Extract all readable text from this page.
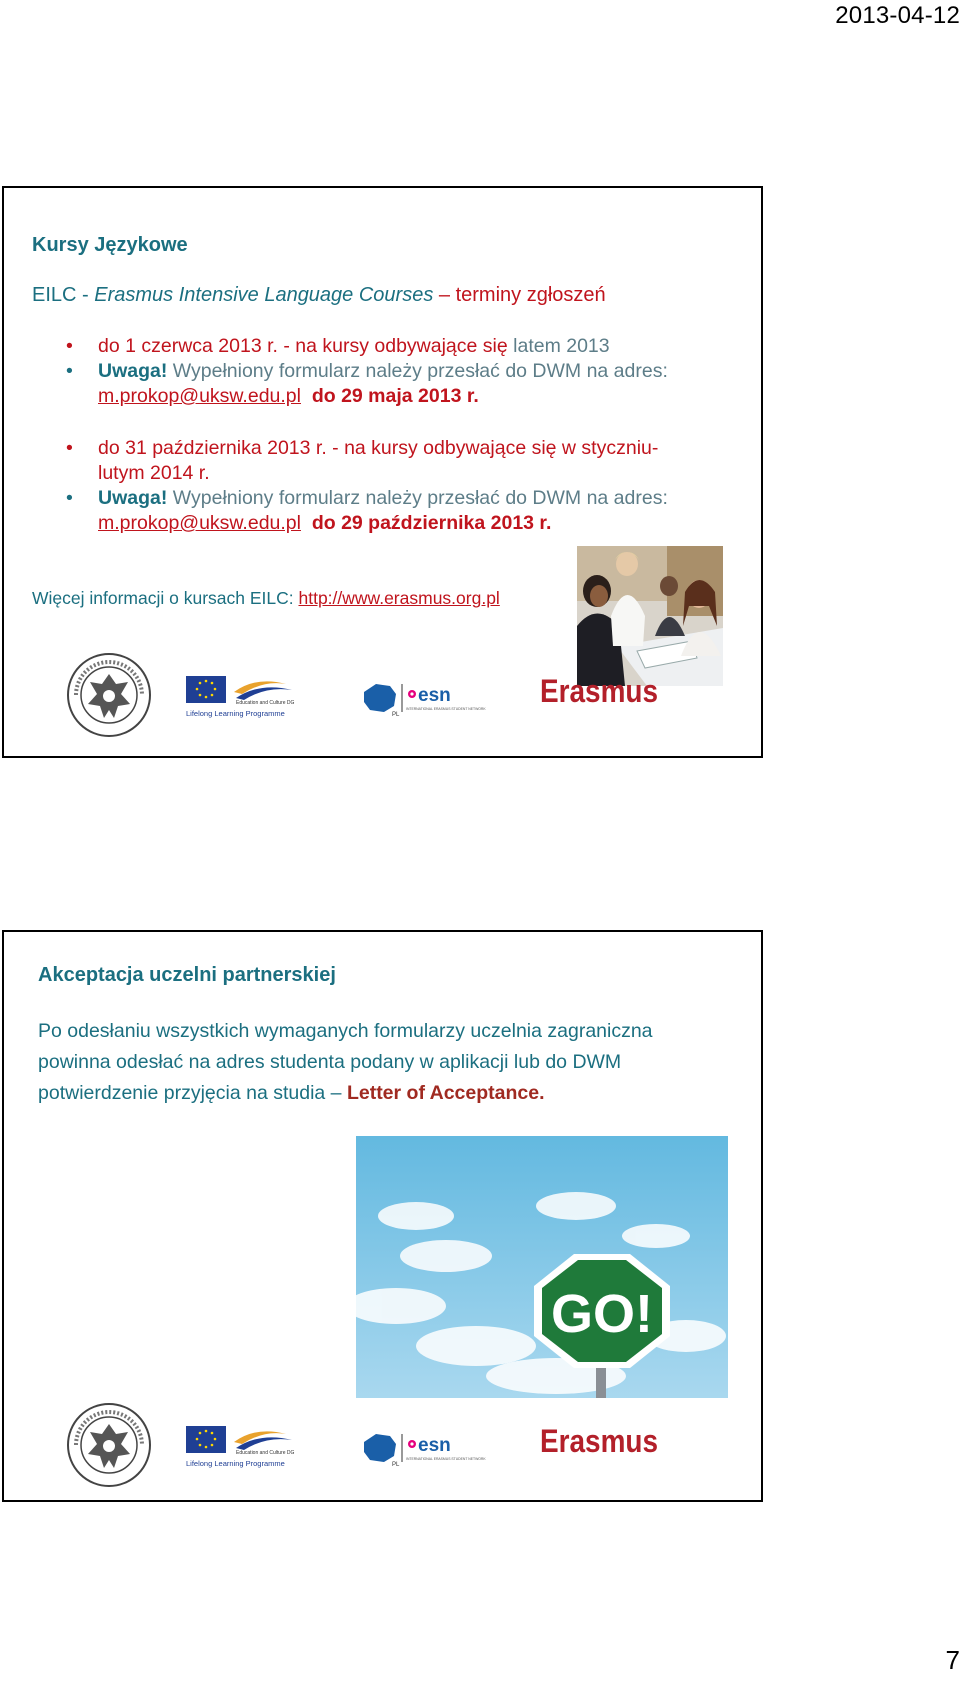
2013-04-12
Kursy Językowe
EILC - Erasmus Intensive Language Courses – terminy zgłoszeń
• do 1 czerwca 2013 r. - na kursy odbywające się latem 2013
• Uwaga! Wypełniony formularz należy przesłać do DWM na adres: m.prokop@uksw.edu.pl do 29 maja 2013 r.
• do 31 października 2013 r. - na kursy odbywające się w styczniu-lutym 2014 r.
• Uwaga! Wypełniony formularz należy przesłać do DWM na adres: m.prokop@uksw.edu.pl do 29 października 2013 r.
Więcej informacji o kursach EILC: http://www.erasmus.org.pl
Education and Culture DG
Lifelong Learning Programme	PL
esn
INTERNATIONAL ERASMUS STUDENT NETWORK Erasmus
Akceptacja uczelni partnerskiej
Po odesłaniu wszystkich wymaganych formularzy uczelnia zagraniczna powinna odesłać na adres studenta podany w aplikacji lub do DWM potwierdzenie przyjęcia na studia – Letter of Acceptance.
GO!
Education and Culture DG
Lifelong Learning Programme	PL
esn
INTERNATIONAL ERASMUS STUDENT NETWORK Erasmus
7
